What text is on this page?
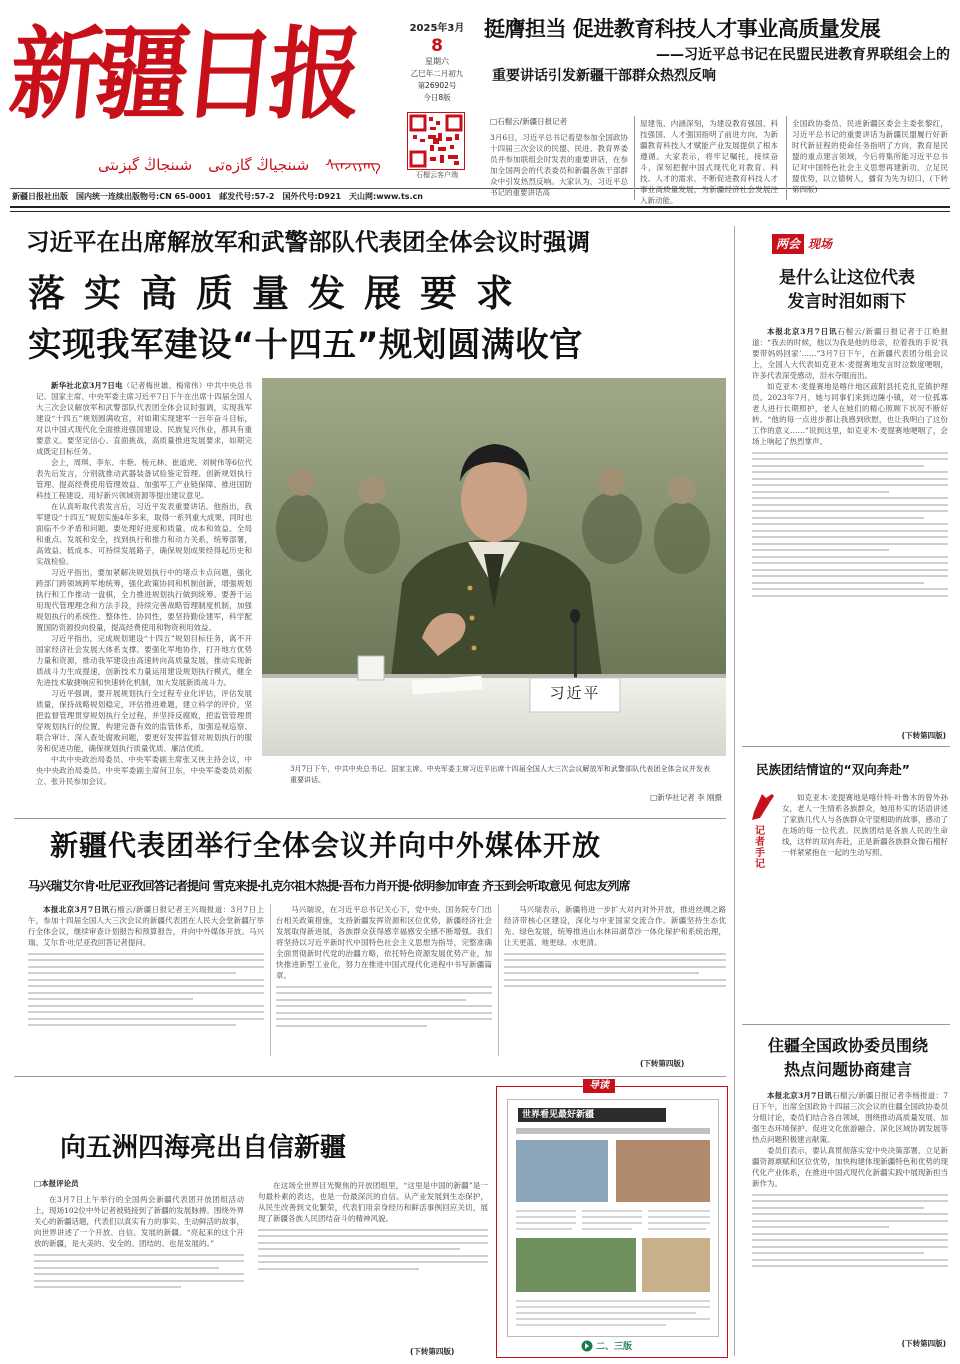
新疆日报
شىنجاڭ گېزىتى شىنجياڭ گازەتى ᠰᠢᠨᠵᠢᠶᠠᠩ
2025年3月
8
星期六
乙巳年二月初九
第26902号
今日8版
石榴云客户端
新疆日报社出版 国内统一连续出版物号:CN 65-0001 邮发代号:57-2 国外代号:D921 天山网:www.ts.cn
挺膺担当 促进教育科技人才事业高质量发展
——习近平总书记在民盟民进教育界联组会上的
重要讲话引发新疆干部群众热烈反响
□石榴云/新疆日报记者
3月6日，习近平总书记看望参加全国政协十四届三次会议的民盟、民进、教育界委员并参加联组会时发表的重要讲话，在参加全国两会的代表委员和新疆各族干部群众中引发热烈反响。大家认为，习近平总书记的重要讲话高
屋建瓴、内涵深刻，为建设教育强国、科技强国、人才强国指明了前进方向，为新疆教育科技人才赋能产业发展提供了根本遵循。大家表示，将牢记嘱托，接续奋斗，深刻把握中国式现代化对教育、科技、人才的需求，不断促进教育科技人才事业高质量发展，为新疆经济社会发展注入新动能。
全国政协委员、民进新疆区委会主委张黎红，习近平总书记的重要讲话为新疆民盟履行好新时代新征程的使命任务指明了方向，教育是民盟的重点建言领域，今后将集所能习近平总书记对中国特色社会主义思想再建新功，立足民盟优势，以立德树人，播育为先为切口，(下转第四版)
习近平在出席解放军和武警部队代表团全体会议时强调
落实高质量发展要求
实现我军建设“十四五”规划圆满收官

新华社北京3月7日电（记者梅世雄、梅常伟）中共中央总书记、国家主席、中央军委主席习近平7日下午在出席十四届全国人大三次会议解放军和武警部队代表团全体会议时强调，实现我军建设“十四五”规划圆满收官，对如期实现建军一百年奋斗目标，对以中国式现代化全面推进强国建设、民族复兴伟业，都具有重要意义。要坚定信心、直面挑战，高质量推进发展要求，如期完成既定目标任务。

会上，周琪、李东、丰艳、杨元林、崔道虎、刘树伟等6位代表先后发言，分别就推动武器装备试验鉴定管理、创新规划执行管理、提高经费使用管理效益、加强军工产业链保障、推进国防科技工程建设、用好新兴领域资源等提出建议意见。

在认真听取代表发言后，习近平发表重要讲话。他指出，我军建设“十四五”规划实施4年多来，取得一系列重大成果，同时也面临不少矛盾和问题。要处理好进度和质量、成本和效益、全局和重点、发展和安全，找到执行和推力和动力关系，统筹部署，高效益、低成本、可持续发展路子，确保规划成果经得起历史和实战检验。

习近平指出，要加紧解决规划执行中的堵点卡点问题，强化跨部门跨领域跨军地统筹，强化政策协同和机制创新，增强规划执行和工作推动一盘棋，全力推进规划执行做到统筹。要善于运用现代管理理念和方法手段，持续完善战略管理制度机制，加强规划执行的系统性、整体性、协同性，要坚持勤俭建军，科学配置国防资源投向投量，提高经费使用和物资利用效益。

习近平指出，完成规划建设“十四五”规划目标任务，离不开国家经济社会发展大体系支撑。要强化军地协作，打开地方优势力量和资源，推动我军建设由高速转向高质量发展，推动实现新质战斗力生成提速，创新技术力量运用建设规划执行模式，健全先进技术敏捷响应和快速转化机制，加大发展新质战斗力。

习近平强调，要开展规划执行全过程专业化评估，评估发展质量，保持战略规划稳定，评估推进难题，建立科学的评价，坚把监督管理贯穿规划执行全过程，并坚持反腐败，把监管管理贯穿规划执行的位置，构建完备有效的监管体系，加强巡视巡察、联合审计、深入查处腐败问题，要更好发挥监督对规划执行的服务和促进功能，确保规划执行质量优质、廉洁优质。

中共中央政治局委员、中央军委副主席张又侠主持会议，中央中央政治局委员、中央军委副主席何卫东，中央军委委员刘振立、张升民参加会议。

习近平
3月7日下午，中共中央总书记、国家主席、中央军委主席习近平出席十四届全国人大三次会议解放军和武警部队代表团全体会议并发表重要讲话。
□新华社记者 李 刚摄
两会 现场
是什么让这位代表
发言时泪如雨下

本报北京3月7日讯石榴云/新疆日报记者于江艳报道：“我去的时候，他以为我是他的母亲，拉着我的手说‘我要带妈妈回家’……”3月7日下午，在新疆代表团分组会议上，全国人大代表如克亚木·麦提赛地发言时泣数度哽咽，许多代表深受感动，泪水夺眶而出。

如克亚木·麦提赛地是喀什地区疏附县托克扎克镇护理员。2023年7月，她与同事们来到边陲小镇，对一位孤寡老人进行长期照护，老人在她们的精心照顾下状况不断好转。“他的每一点进步都让我感到欣慰，也让我明白了这份工作的意义……”说到这里，如克亚木·麦提赛地哽咽了，会场上响起了热烈掌声。

(下转第四版)
民族团结情谊的“双向奔赴”
记者手记
如克亚木·麦提赛地是喀什特·叶鲁木的曾外孙女，老人一生情系各族群众，她用朴实的话语讲述了家族几代人与各族群众守望相助的故事，感动了在场的每一位代表。民族团结是各族人民的生命线，这样的双向奔赴，正是新疆各族群众像石榴籽一样紧紧抱在一起的生动写照。
住疆全国政协委员围绕
热点问题协商建言

本报北京3月7日讯石榴云/新疆日报记者李杨报道：7日下午，出席全国政协十四届三次会议的住疆全国政协委员分组讨论，委员们结合各自领域，围绕推动高质量发展、加强生态环境保护、促进文化旅游融合、深化区域协调发展等热点问题积极建言献策。

委员们表示，要认真贯彻落实党中央决策部署，立足新疆资源禀赋和区位优势，加快构建体现新疆特色和优势的现代化产业体系，在推进中国式现代化新疆实践中展现新担当新作为。

(下转第四版)
新疆代表团举行全体会议并向中外媒体开放
马兴瑞艾尔肯·吐尼亚孜回答记者提问 雪克来提·扎克尔祖木热提·吾布力肖开提·依明参加审查 齐玉到会听取意见 何忠友列席

本报北京3月7日讯石榴云/新疆日报记者王兴瑞报道：3月7日上午，参加十四届全国人大三次会议的新疆代表团在人民大会堂新疆厅举行全体会议，继续审查计划报告和预算报告，并向中外媒体开放。马兴瑞、艾尔肯·吐尼亚孜回答记者提问。

马兴瑞说，在习近平总书记关心下，党中央、国务院专门出台相关政策措施，支持新疆发挥资源和区位优势，新疆经济社会发展取得新进展，各族群众获得感幸福感安全感不断增强。我们将坚持以习近平新时代中国特色社会主义思想为指导，完整准确全面贯彻新时代党的治疆方略，依托特色资源发展优势产业，加快推进新型工业化，努力在推进中国式现代化进程中书写新疆篇章。

马兴瑞表示，新疆将进一步扩大对内对外开放，推进丝绸之路经济带核心区建设，深化与中亚国家交流合作。新疆坚持生态优先、绿色发展，统筹推进山水林田湖草沙一体化保护和系统治理，让天更蓝、地更绿、水更清。

(下转第四版)
向五洲四海亮出自信新疆
□本报评论员

在3月7日上午举行的全国两会新疆代表团开放团组活动上，现场102位中外记者被链接到了新疆的发展脉搏。围绕外界关心的新疆话题，代表们以真实有力的事实、生动鲜活的故事，向世界讲述了一个开放、自信、发展的新疆。“亮起来的这个开放的新疆，是大美的、安全的、团结的、也是发展的。”

在这场全世界目光聚焦的开放团组里，“这里是中国的新疆”是一句最朴素的表达，也是一份最深沉的自信。从产业发展到生态保护，从民生改善到文化繁荣，代表们用亲身经历和鲜活事例回应关切，展现了新疆各族人民团结奋斗的精神风貌。

(下转第四版)
导读
世界看见最好新疆
二、三版
